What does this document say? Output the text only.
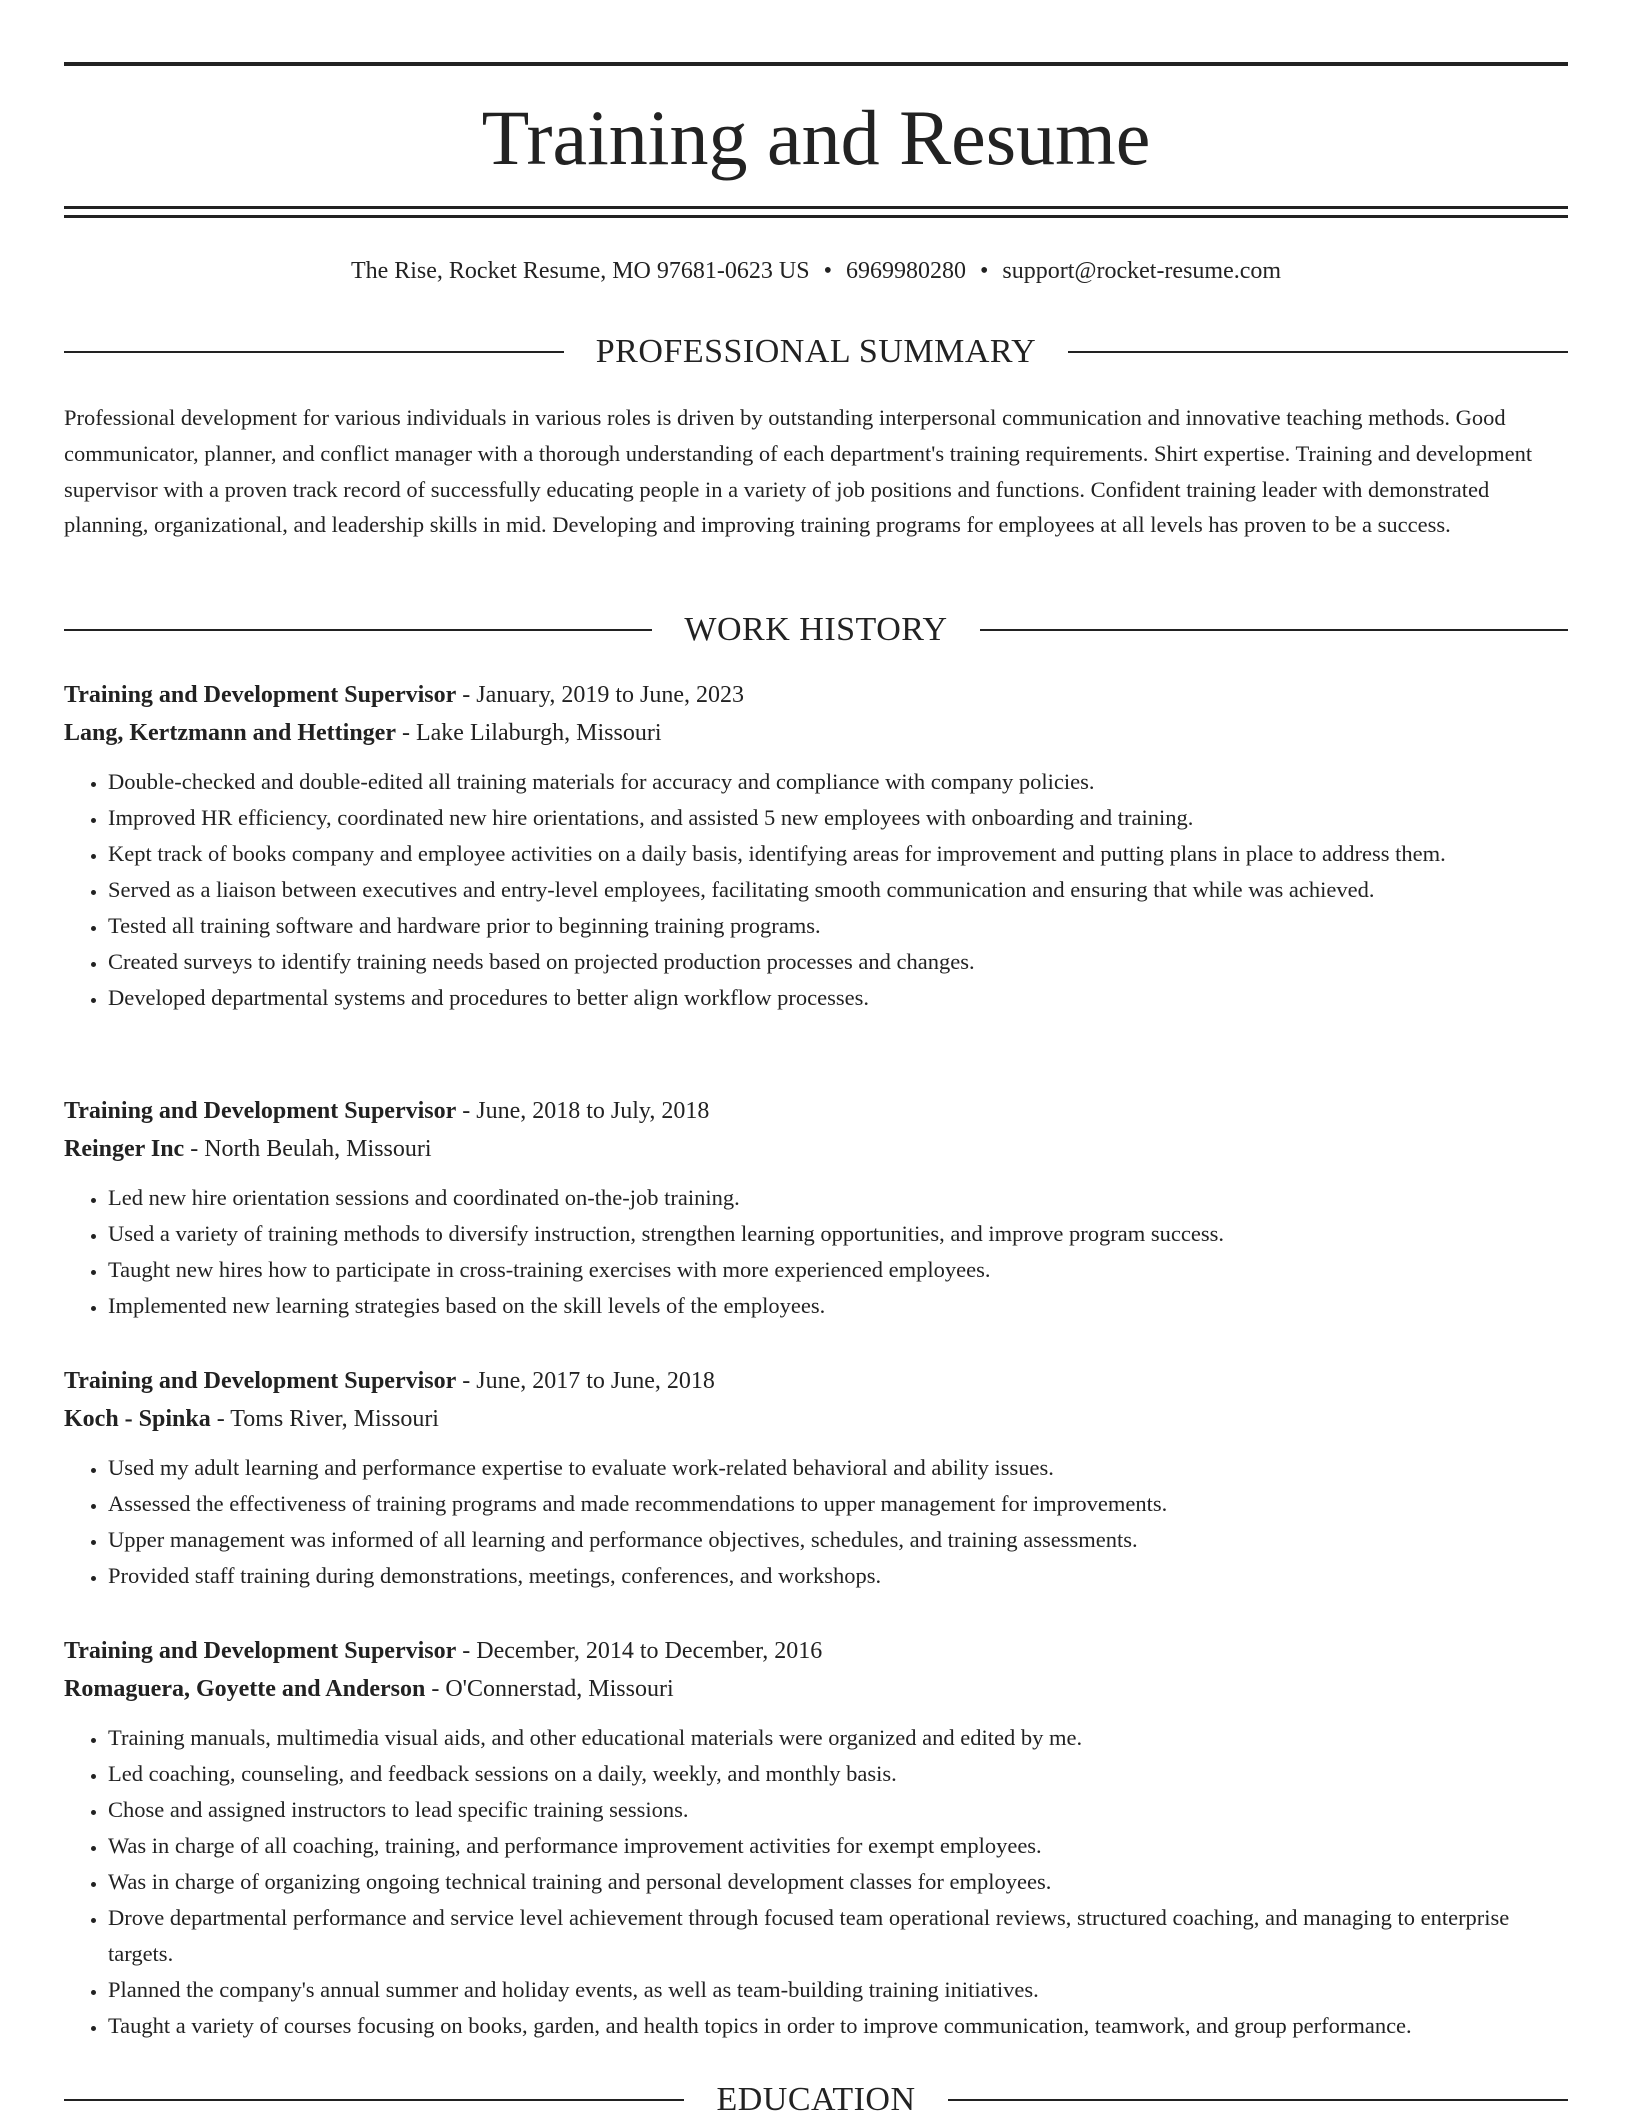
Training and Resume
The Rise, Rocket Resume, MO 97681-0623 US • 6969980280 • support@rocket-resume.com
PROFESSIONAL SUMMARY

Professional development for various individuals in various roles is driven by outstanding interpersonal communication and innovative teaching methods. Good communicator, planner, and conflict manager with a thorough understanding of each department's training requirements. Shirt expertise. Training and development supervisor with a proven track record of successfully educating people in a variety of job positions and functions. Confident training leader with demonstrated planning, organizational, and leadership skills in mid. Developing and improving training programs for employees at all levels has proven to be a success.

WORK HISTORY
Training and Development Supervisor - January, 2019 to June, 2023
Lang, Kertzmann and Hettinger - Lake Lilaburgh, Missouri
• Double-checked and double-edited all training materials for accuracy and compliance with company policies.
• Improved HR efficiency, coordinated new hire orientations, and assisted 5 new employees with onboarding and training.
• Kept track of books company and employee activities on a daily basis, identifying areas for improvement and putting plans in place to address them.
• Served as a liaison between executives and entry-level employees, facilitating smooth communication and ensuring that while was achieved.
• Tested all training software and hardware prior to beginning training programs.
• Created surveys to identify training needs based on projected production processes and changes.
• Developed departmental systems and procedures to better align workflow processes.
Training and Development Supervisor - June, 2018 to July, 2018
Reinger Inc - North Beulah, Missouri
• Led new hire orientation sessions and coordinated on-the-job training.
• Used a variety of training methods to diversify instruction, strengthen learning opportunities, and improve program success.
• Taught new hires how to participate in cross-training exercises with more experienced employees.
• Implemented new learning strategies based on the skill levels of the employees.
Training and Development Supervisor - June, 2017 to June, 2018
Koch - Spinka - Toms River, Missouri
• Used my adult learning and performance expertise to evaluate work-related behavioral and ability issues.
• Assessed the effectiveness of training programs and made recommendations to upper management for improvements.
• Upper management was informed of all learning and performance objectives, schedules, and training assessments.
• Provided staff training during demonstrations, meetings, conferences, and workshops.
Training and Development Supervisor - December, 2014 to December, 2016
Romaguera, Goyette and Anderson - O'Connerstad, Missouri
• Training manuals, multimedia visual aids, and other educational materials were organized and edited by me.
• Led coaching, counseling, and feedback sessions on a daily, weekly, and monthly basis.
• Chose and assigned instructors to lead specific training sessions.
• Was in charge of all coaching, training, and performance improvement activities for exempt employees.
• Was in charge of organizing ongoing technical training and personal development classes for employees.
• Drove departmental performance and service level achievement through focused team operational reviews, structured coaching, and managing to enterprise targets.
• Planned the company's annual summer and holiday events, as well as team-building training initiatives.
• Taught a variety of courses focusing on books, garden, and health topics in order to improve communication, teamwork, and group performance.
EDUCATION
